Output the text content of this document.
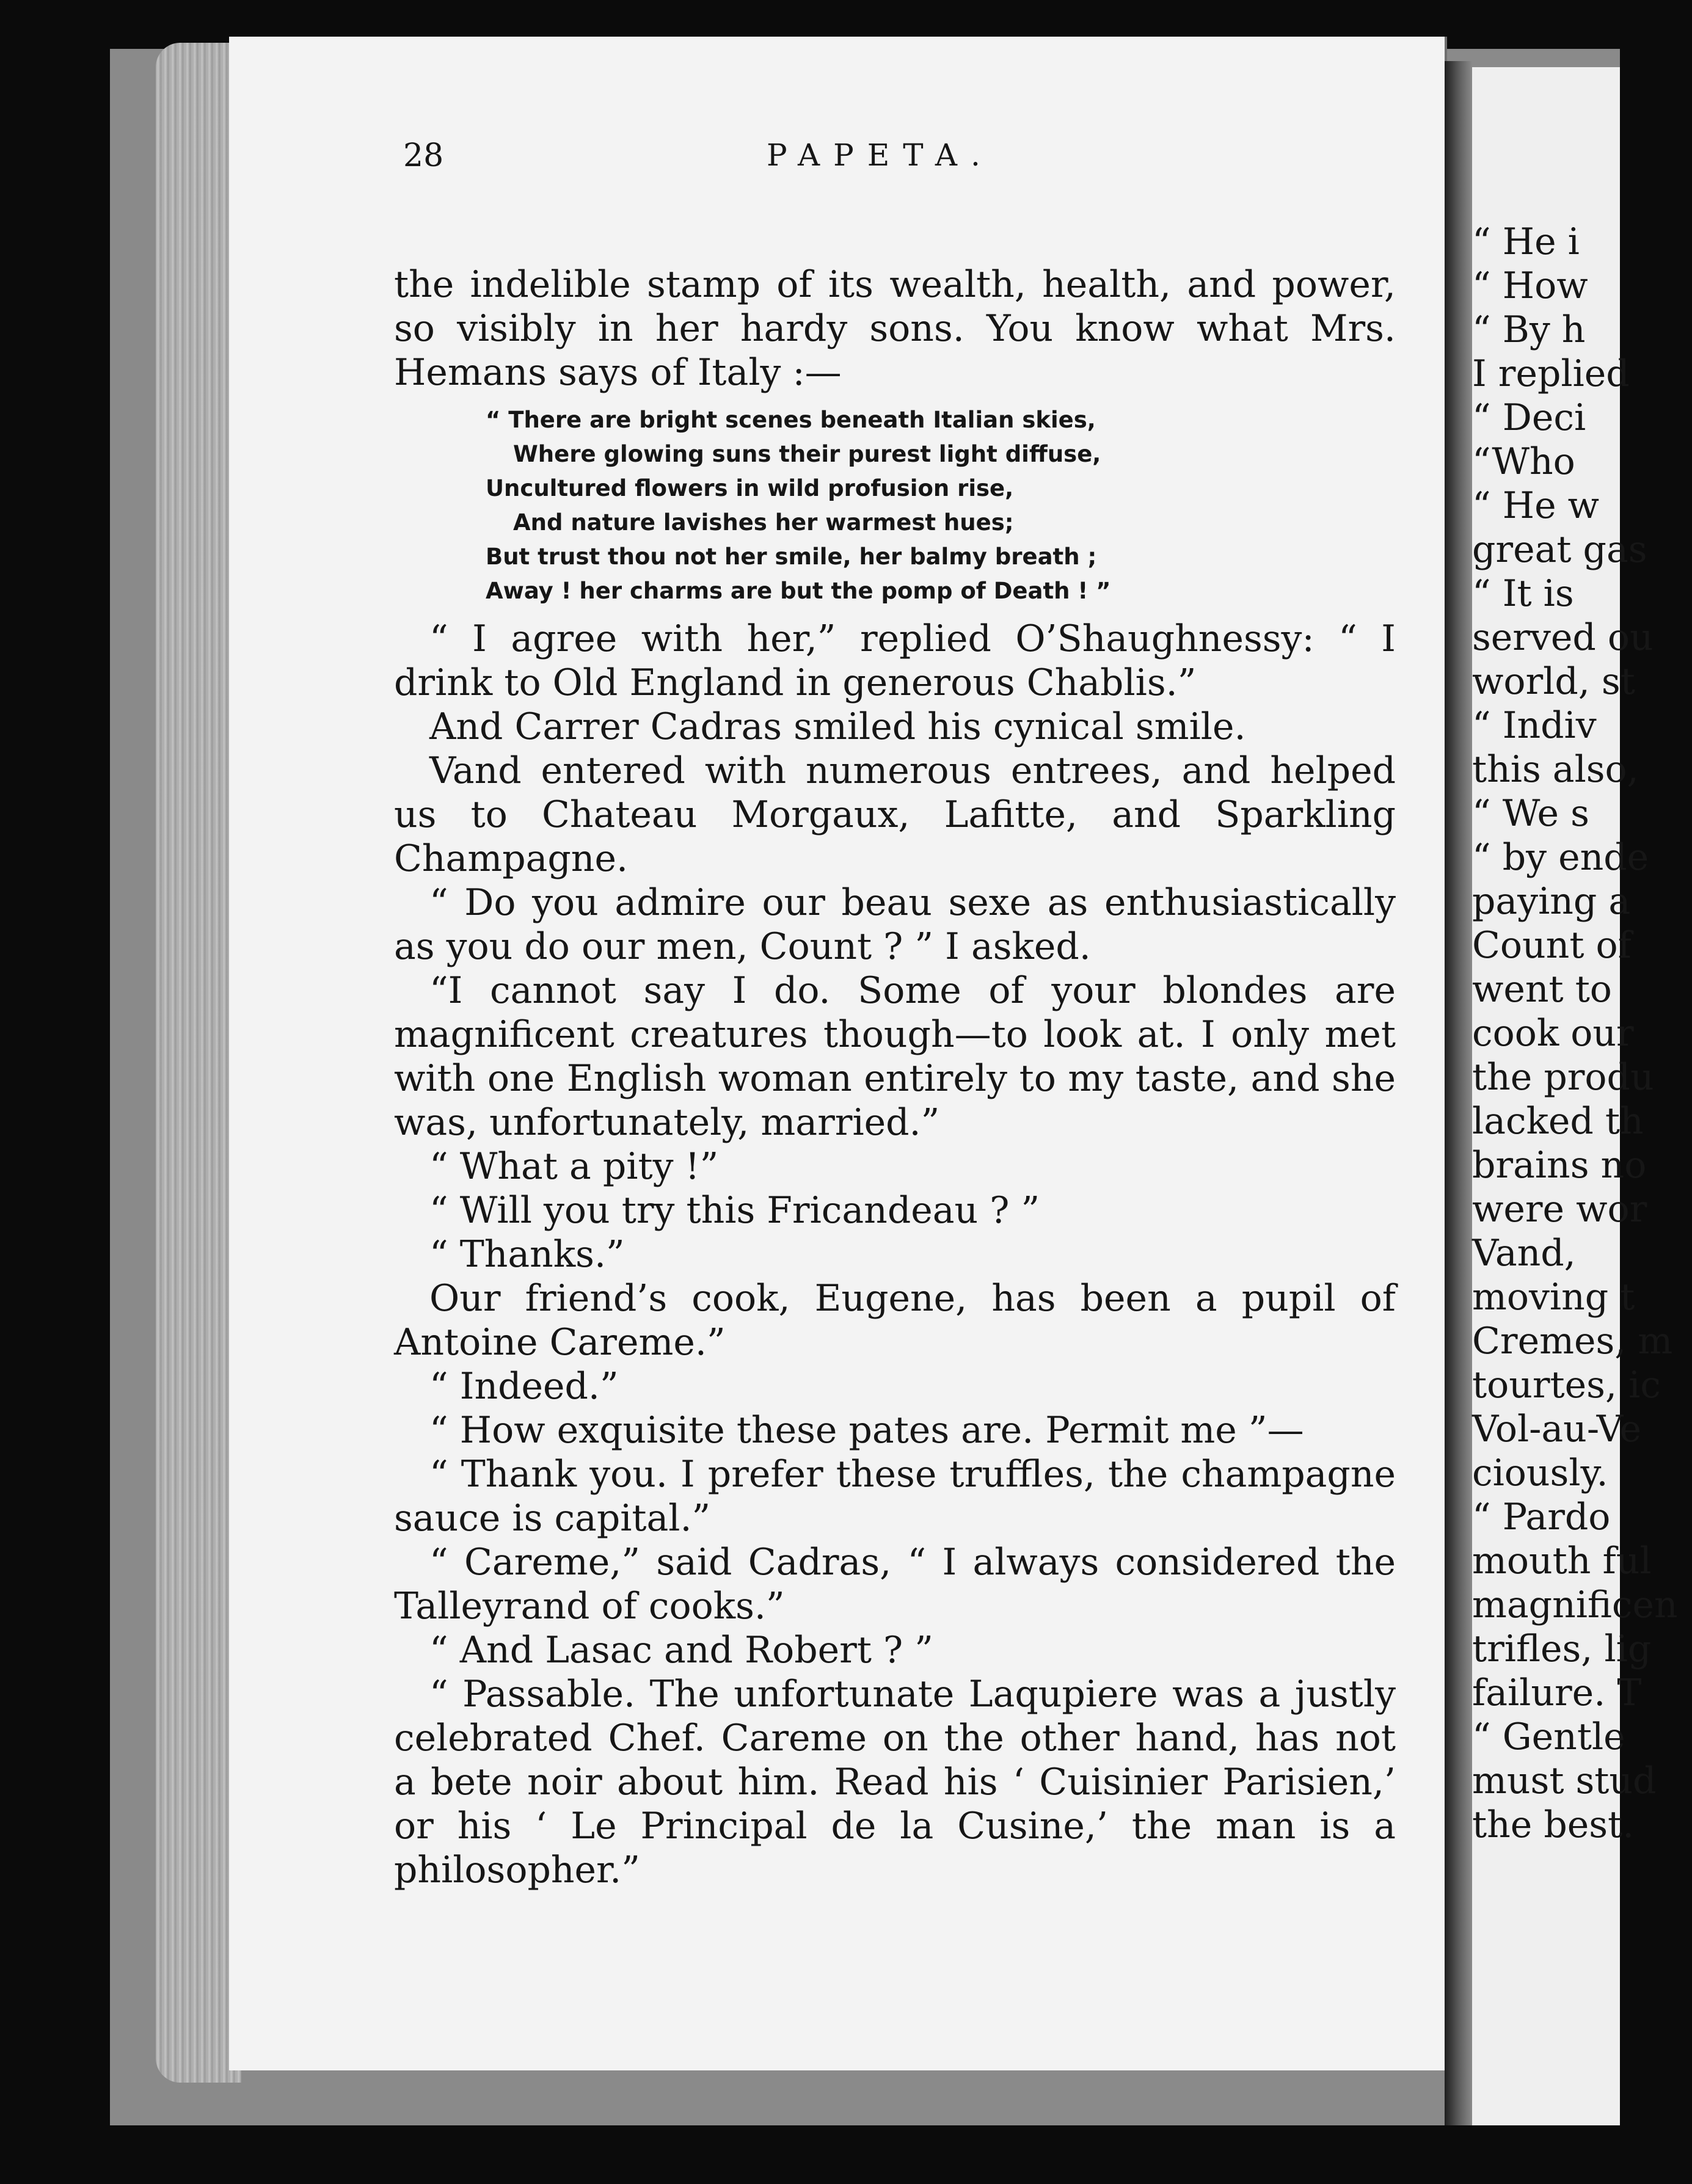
28	PAPETA.

the indelible stamp of its wealth, health, and power, so visibly in her hardy sons. You know what Mrs. Hemans says of Italy :—

“ There are bright scenes beneath Italian skies,
Where glowing suns their purest light diffuse,
Uncultured flowers in wild profusion rise,
And nature lavishes her warmest hues;
But trust thou not her smile, her balmy breath ;
Away ! her charms are but the pomp of Death ! ”

“ I agree with her,” replied O’Shaughnessy: “ I drink to Old England in generous Chablis.”

And Carrer Cadras smiled his cynical smile.

Vand entered with numerous entrees, and helped us to Chateau Morgaux, Lafitte, and Sparkling Champagne.

“ Do you admire our beau sexe as enthusiastically as you do our men, Count ? ” I asked.

“I cannot say I do. Some of your blondes are magnificent creatures though—to look at. I only met with one English woman entirely to my taste, and she was, unfortunately, married.”

“ What a pity !”

“ Will you try this Fricandeau ? ”

“ Thanks.”

Our friend’s cook, Eugene, has been a pupil of Antoine Careme.”

“ Indeed.”

“ How exquisite these pates are. Permit me ”—

“ Thank you. I prefer these truffles, the champagne sauce is capital.”

“ Careme,” said Cadras, “ I always considered the Talleyrand of cooks.”

“ And Lasac and Robert ? ”

“ Passable. The unfortunate Laqupiere was a justly celebrated Chef. Careme on the other hand, has not a bete noir about him. Read his ‘ Cuisinier Parisien,’ or his ‘ Le Principal de la Cusine,’ the man is a philosopher.”

“ He i
“ How
“ By h
I replied
“ Deci
“Who
“ He w
great gas
“ It is
served ou
world, st
“ Indiv
this also,
“ We s
“ by ende
paying a
Count of
went to
cook our
the produ
lacked th
brains no
were wor
Vand,
moving t
Cremes, m
tourtes, ic
Vol-au-Ve
ciously.
“ Pardo
mouth ful
magnificen
trifles, lig
failure. T
“ Gentle
must stud
the best.
